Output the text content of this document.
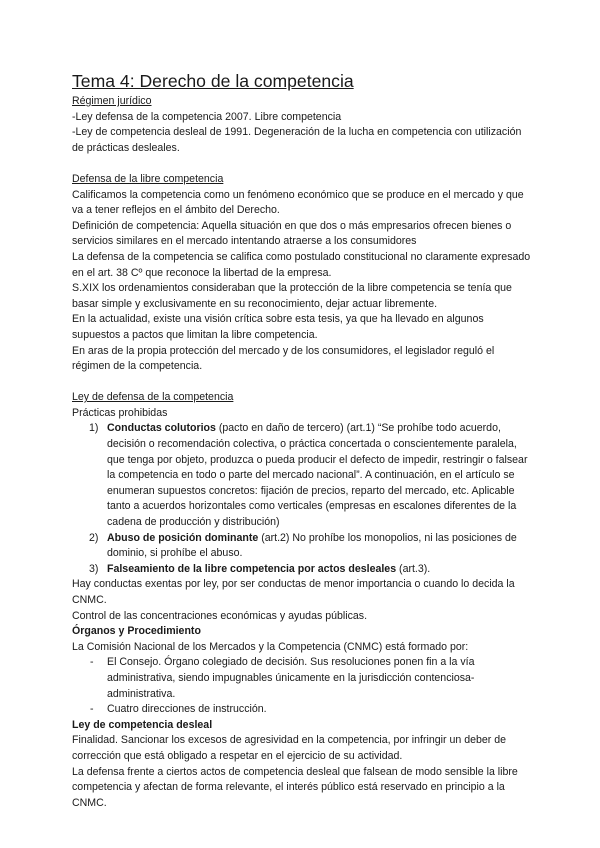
Tema 4: Derecho de la competencia

Régimen jurídico

-Ley defensa de la competencia 2007. Libre competencia

-Ley de competencia desleal de 1991. Degeneración de la lucha en competencia con utilización de prácticas desleales.

Defensa de la libre competencia

Calificamos la competencia como un fenómeno económico que se produce en el mercado y que va a tener reflejos en el ámbito del Derecho.

Definición de competencia: Aquella situación en que dos o más empresarios ofrecen bienes o servicios similares en el mercado intentando atraerse a los consumidores

La defensa de la competencia se califica como postulado constitucional no claramente expresado en el art. 38 Cº que reconoce la libertad de la empresa.

S.XIX los ordenamientos consideraban que la protección de la libre competencia se tenía que basar simple y exclusivamente en su reconocimiento, dejar actuar libremente.

En la actualidad, existe una visión crítica sobre esta tesis, ya que ha llevado en algunos supuestos a pactos que limitan la libre competencia.

En aras de la propia protección del mercado y de los consumidores, el legislador reguló el régimen de la competencia.

Ley de defensa de la competencia

Prácticas prohibidas

1) Conductas colutorios (pacto en daño de tercero) (art.1) “Se prohíbe todo acuerdo, decisión o recomendación colectiva, o práctica concertada o conscientemente paralela, que tenga por objeto, produzca o pueda producir el defecto de impedir, restringir o falsear la competencia en todo o parte del mercado nacional”. A continuación, en el artículo se enumeran supuestos concretos: fijación de precios, reparto del mercado, etc. Aplicable tanto a acuerdos horizontales como verticales (empresas en escalones diferentes de la cadena de producción y distribución)
2) Abuso de posición dominante (art.2) No prohíbe los monopolios, ni las posiciones de dominio, si prohíbe el abuso.
3) Falseamiento de la libre competencia por actos desleales (art.3).

Hay conductas exentas por ley, por ser conductas de menor importancia o cuando lo decida la CNMC.

Control de las concentraciones económicas y ayudas públicas.

Órganos y Procedimiento

La Comisión Nacional de los Mercados y la Competencia (CNMC) está formado por:

- El Consejo. Órgano colegiado de decisión. Sus resoluciones ponen fin a la vía administrativa, siendo impugnables únicamente en la jurisdicción contenciosa-administrativa.
- Cuatro direcciones de instrucción.

Ley de competencia desleal

Finalidad. Sancionar los excesos de agresividad en la competencia, por infringir un deber de corrección que está obligado a respetar en el ejercicio de su actividad.

La defensa frente a ciertos actos de competencia desleal que falsean de modo sensible la libre competencia y afectan de forma relevante, el interés público está reservado en principio a la CNMC.
